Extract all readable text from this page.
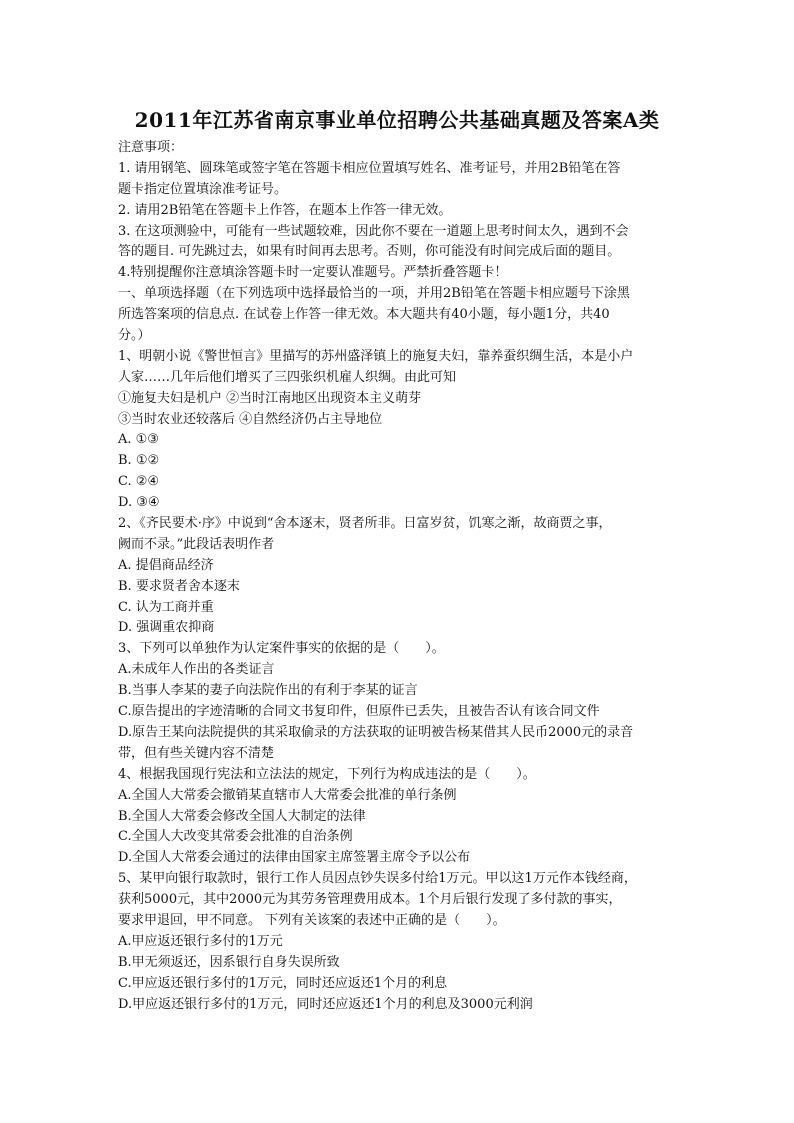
2011年江苏省南京事业单位招聘公共基础真题及答案A类
注意事项：
1. 请用钢笔、圆珠笔或签字笔在答题卡相应位置填写姓名、准考证号，并用2B铅笔在答
题卡指定位置填涂准考证号。
2. 请用2B铅笔在答题卡上作答，在题本上作答一律无效。
3. 在这项测验中，可能有一些试题较难，因此你不要在一道题上思考时间太久，遇到不会
答的题目. 可先跳过去，如果有时间再去思考。否则，你可能没有时间完成后面的题目。
4.特别提醒你注意填涂答题卡时一定要认准题号。严禁折叠答题卡！
一、单项选择题（在下列选项中选择最恰当的一项，并用2B铅笔在答题卡相应题号下涂黑
所选答案项的信息点. 在试卷上作答一律无效。本大题共有40小题，每小题1分，共40
分。）
1、明朝小说《警世恒言》里描写的苏州盛泽镇上的施复夫妇，靠养蚕织绸生活，本是小户
人家……几年后他们增买了三四张织机雇人织绸。由此可知
①施复夫妇是机户 ②当时江南地区出现资本主义萌芽
③当时农业还较落后 ④自然经济仍占主导地位
A. ①③
B. ①②
C. ②④
D. ③④
2、《齐民要术·序》中说到“舍本逐末，贤者所非。日富岁贫，饥寒之渐，故商贾之事，
阙而不录。”此段话表明作者
A. 提倡商品经济
B. 要求贤者舍本逐末
C. 认为工商并重
D. 强调重农抑商
3、下列可以单独作为认定案件事实的依据的是（　　）。
A.未成年人作出的各类证言
B.当事人李某的妻子向法院作出的有利于李某的证言
C.原告提出的字迹清晰的合同文书复印件，但原件已丢失，且被告否认有该合同文件
D.原告王某向法院提供的其采取偷录的方法获取的证明被告杨某借其人民币2000元的录音
带，但有些关键内容不清楚
4、根据我国现行宪法和立法法的规定，下列行为构成违法的是（　　）。
A.全国人大常委会撤销某直辖市人大常委会批准的单行条例
B.全国人大常委会修改全国人大制定的法律
C.全国人大改变其常委会批准的自治条例
D.全国人大常委会通过的法律由国家主席签署主席令予以公布
5、某甲向银行取款时，银行工作人员因点钞失误多付给1万元。甲以这1万元作本钱经商，
获利5000元，其中2000元为其劳务管理费用成本。1个月后银行发现了多付款的事实，
要求甲退回，甲不同意。 下列有关该案的表述中正确的是（　　）。
A.甲应返还银行多付的1万元
B.甲无须返还，因系银行自身失误所致
C.甲应返还银行多付的1万元，同时还应返还1个月的利息
D.甲应返还银行多付的1万元，同时还应返还1个月的利息及3000元利润
